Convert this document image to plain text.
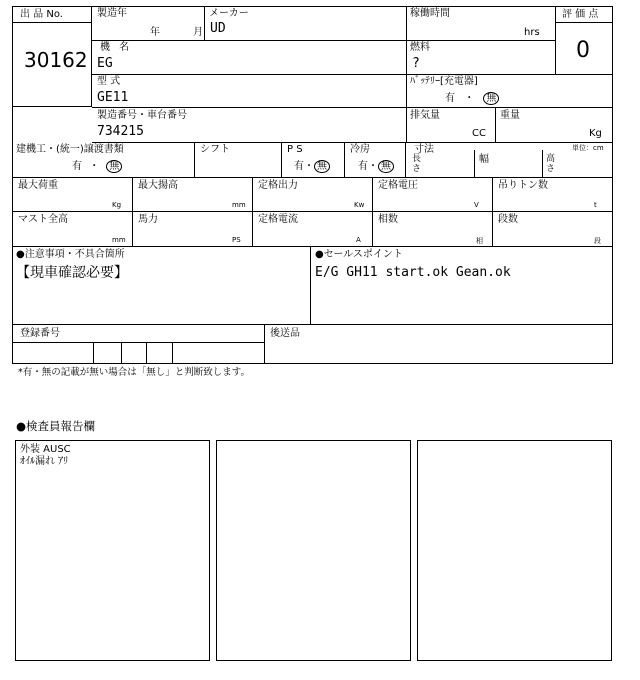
出 品 No.
30162
評 価 点
0
製造年
年 月
メーカー
UD
稼働時間
hrs
機 名
EG
燃料
?
型 式
GE11
ﾊﾞｯﾃﾘｰ[充電器]
有 ・ 無
製造番号・車台番号
734215
排気量
CC
重量
Kg
建機工・(統一)譲渡書類
有 ・ 無
シフト	P S
有・ 無
冷房
有・ 無
寸法	単位：cm
長さ
幅	高さ
最大荷重
Kg
最大揚高
mm
定格出力
Kw
定格電圧
V
吊りトン数
t
マスト全高
mm
馬力
PS
定格電流
A
相数
相
段数
段
●注意事項・不具合箇所
【現車確認必要】
●セールスポイント
E/G GH11 start.ok Gean.ok
登録番号	後送品
*有・無の記載が無い場合は「無し」と判断致します。
●検査員報告欄
外装 AUSC
ｵｲﾙ漏れ ｱﾘ
